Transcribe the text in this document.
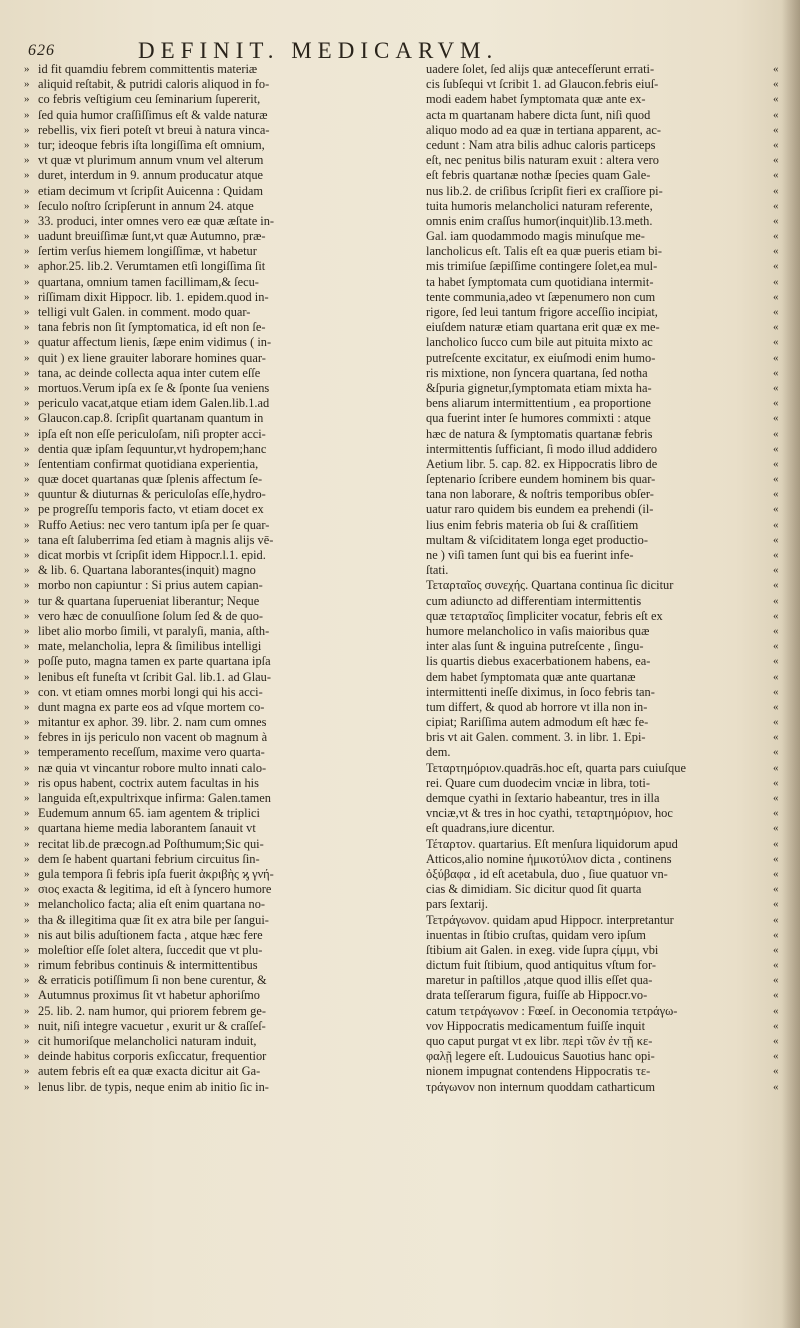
626	DEFINIT. MEDICARVM.
» id fit quamdiu febrem committentis materiæ
» aliquid reſtabit, & putridi caloris aliquod in fo-
» co febris veſtigium ceu ſeminarium ſupererit,
» ſed quia humor craſſiſſimus eſt & valde naturæ
» rebellis, vix fieri poteſt vt breui à natura vinca-
» tur; ideoque febris iſta longiſſima eſt omnium,
» vt quæ vt plurimum annum vnum vel alterum
» duret, interdum in 9. annum producatur atque
» etiam decimum vt ſcripſit Auicenna : Quidam
» ſeculo noſtro ſcripſerunt in annum 24. atque
» 33. produci, inter omnes vero eæ quæ æſtate in-
» uadunt breuiſſimæ ſunt,vt quæ Autumno, præ-
» ſertim verſus hiemem longiſſimæ, vt habetur
» aphor.25. lib.2. Verumtamen etſi longiſſima ſit
» quartana, omnium tamen facillimam,& ſecu-
» riſſimam dixit Hippocr. lib. 1. epidem.quod in-
» telligi vult Galen. in comment. modo quar-
» tana febris non ſit ſymptomatica, id eſt non ſe-
» quatur affectum lienis, ſæpe enim vidimus ( in-
» quit ) ex liene grauiter laborare homines quar-
» tana, ac deinde collecta aqua inter cutem eſſe
» mortuos.Verum ipſa ex ſe & ſponte ſua veniens
» periculo vacat,atque etiam idem Galen.lib.1.ad
» Glaucon.cap.8. ſcripſit quartanam quantum in
» ipſa eſt non eſſe periculoſam, niſi propter acci-
» dentia quæ ipſam ſequuntur,vt hydropem;hanc
» ſententiam confirmat quotidiana experientia,
» quæ docet quartanas quæ ſplenis affectum ſe-
» quuntur & diuturnas & periculoſas eſſe,hydro-
» pe progreſſu temporis facto, vt etiam docet ex
» Ruffo Aetius: nec vero tantum ipſa per ſe quar-
» tana eſt ſaluberrima ſed etiam à magnis alijs vē-
» dicat morbis vt ſcripſit idem Hippocr.l.1. epid.
» & lib. 6. Quartana laborantes(inquit) magno
» morbo non capiuntur : Si prius autem capian-
» tur & quartana ſuperueniat liberantur; Neque
» vero hæc de conuulſione ſolum ſed & de quo-
» libet alio morbo ſimili, vt paralyſi, mania, aſth-
» mate, melancholia, lepra & ſimilibus intelligi
» poſſe puto, magna tamen ex parte quartana ipſa
» lenibus eſt funeſta vt ſcribit Gal. lib.1. ad Glau-
» con. vt etiam omnes morbi longi qui his acci-
» dunt magna ex parte eos ad vſque mortem co-
» mitantur ex aphor. 39. libr. 2. nam cum omnes
» febres in ijs periculo non vacent ob magnum à
» temperamento receſſum, maxime vero quarta-
» næ quia vt vincantur robore multo innati calo-
» ris opus habent, coctrix autem facultas in his
» languida eſt,expultrixque infirma: Galen.tamen
» Eudemum annum 65. iam agentem & triplici
» quartana hieme media laborantem ſanauit vt
» recitat lib.de præcogn.ad Poſthumum;Sic qui-
» dem ſe habent quartani febrium circuitus ſin-
» gula tempora ſi febris ipſa fuerit ἀκριβὴς ϗ γνή-
» σιος exacta & legitima, id eſt à ſyncero humore
» melancholico facta; alia eſt enim quartana no-
» tha & illegitima quæ ſit ex atra bile per ſangui-
» nis aut bilis aduſtionem facta , atque hæc fere
» moleſtior eſſe ſolet altera, ſuccedit que vt plu-
» rimum febribus continuis & intermittentibus
» & erraticis potiſſimum ſi non bene curentur, &
» Autumnus proximus ſit vt habetur aphoriſmo
» 25. lib. 2. nam humor, qui priorem febrem ge-
» nuit, niſi integre vacuetur , exurit ur & craſſeſ-
» cit humoriſque melancholici naturam induit,
» deinde habitus corporis exſiccatur, frequentior
» autem febris eſt ea quæ exacta dicitur ait Ga-
» lenus libr. de typis, neque enim ab initio ſic in-
«
uadere ſolet, ſed alijs quæ antecefſerunt errati-
«
cis ſubſequi vt ſcribit 1. ad Glaucon.febris eiuſ-
«
modi eadem habet ſymptomata quæ ante ex-
«
acta m quartanam habere dicta ſunt, niſi quod
«
aliquo modo ad ea quæ in tertiana apparent, ac-
«
cedunt : Nam atra bilis adhuc caloris particeps
«
eſt, nec penitus bilis naturam exuit : altera vero
«
eſt febris quartanæ nothæ ſpecies quam Gale-
«
nus lib.2. de criſibus ſcripſit fieri ex craſſiore pi-
«
tuita humoris melancholici naturam referente,
«
omnis enim craſſus humor(inquit)lib.13.meth.
«
Gal. iam quodammodo magis minuſque me-
«
lancholicus eſt. Talis eſt ea quæ pueris etiam bi-
«
mis trimiſue ſæpiſſime contingere ſolet,ea mul-
«
ta habet ſymptomata cum quotidiana intermit-
«
tente communia,adeo vt ſæpenumero non cum
«
rigore, ſed leui tantum frigore acceſſio incipiat,
«
eiuſdem naturæ etiam quartana erit quæ ex me-
«
lancholico ſucco cum bile aut pituita mixto ac
«
putreſcente excitatur, ex eiuſmodi enim humo-
«
ris mixtione, non ſyncera quartana, ſed notha
«
&ſpuria gignetur,ſymptomata etiam mixta ha-
«
bens aliarum intermittentium , ea proportione
«
qua fuerint inter ſe humores commixti : atque
«
hæc de natura & ſymptomatis quartanæ febris
«
intermittentis ſufficiant, ſi modo illud addidero
«
Aetium libr. 5. cap. 82. ex Hippocratis libro de
«
ſeptenario ſcribere eundem hominem bis quar-
«
tana non laborare, & noſtris temporibus obſer-
«
uatur raro quidem bis eundem ea prehendi (il-
«
lius enim febris materia ob ſui & craſſitiem
«
multam & viſciditatem longa eget productio-
«
ne ) viſi tamen ſunt qui bis ea fuerint infe-
«
ſtati.
«
Τεταρταῖος συνεχής. Quartana continua ſic dicitur
«
cum adiuncto ad differentiam intermittentis
«
quæ τεταρταῖος ſimpliciter vocatur, febris eſt ex
«
humore melancholico in vaſis maioribus quæ
«
inter alas ſunt & inguina putreſcente , ſingu-
«
lis quartis diebus exacerbationem habens, ea-
«
dem habet ſymptomata quæ ante quartanæ
«
intermittenti ineſſe diximus, in ſoco febris tan-
«
tum differt, & quod ab horrore vt illa non in-
«
cipiat; Rariſſima autem admodum eſt hæc fe-
«
bris vt ait Galen. comment. 3. in libr. 1. Epi-
«
dem.
«
Τεταρτημόριον.quadrās.hoc eſt, quarta pars cuiuſque
«
rei. Quare cum duodecim vnciæ in libra, toti-
«
demque cyathi in ſextario habeantur, tres in illa
«
vnciæ,vt & tres in hoc cyathi, τεταρτημόριον, hoc
«
eſt quadrans,iure dicentur.
«
Τέταρτον. quartarius. Eſt menſura liquidorum apud
«
Atticos,alio nomine ἡμικοτύλιον dicta , continens
«
ὀξύβαφα , id eſt acetabula, duo , ſiue quatuor vn-
«
cias & dimidiam. Sic dicitur quod ſit quarta
«
pars ſextarij.
«
Τετράγωνον. quidam apud Hippocr. interpretantur
«
inuentas in ſtibio cruſtas, quidam vero ipſum
«
ſtibium ait Galen. in exeg. vide ſupra ςίμμι, vbi
«
dictum fuit ſtibium, quod antiquitus vſtum for-
«
maretur in paſtillos ,atque quod illis eſſet qua-
«
drata teſſerarum figura, fuiſſe ab Hippocr.vo-
«
catum τετράγωνον : Fœeſ. in Oeconomia τετράγω-
«
νον Hippocratis medicamentum fuiſſe inquit
«
quo caput purgat vt ex libr. περὶ τῶν ἐν τῇ κε-
«
φαλῇ legere eſt. Ludouicus Sauotius hanc opi-
«
nionem impugnat contendens Hippocratis τε-
«
τράγωνον non internum quoddam catharticum
